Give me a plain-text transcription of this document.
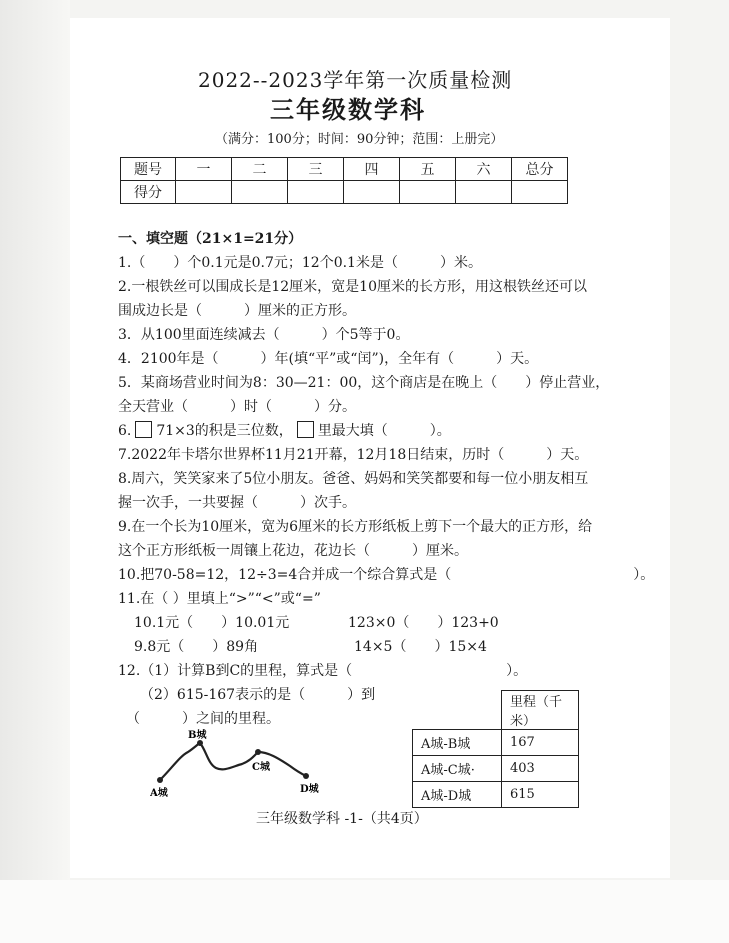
2022--2023学年第一次质量检测
三年级数学科
（满分：100分；时间：90分钟；范围：上册完）
题号	一	二	三	四	五	六	总分
得分							
一、填空题（21×1=21分）
1.（　　）个0.1元是0.7元；12个0.1米是（　　　）米。
2.一根铁丝可以围成长是12厘米，宽是10厘米的长方形，用这根铁丝还可以
围成边长是（　　　）厘米的正方形。
3．从100里面连续减去（　　　）个5等于0。
4．2100年是（　　　）年(填“平”或“闰”)，全年有（　　　）天。
5．某商场营业时间为8：30—21：00，这个商店是在晚上（　　）停止营业，
全天营业（　　　）时（　　　）分。
6. 71×3的积是三位数， 里最大填（　　　）。
7.2022年卡塔尔世界杯11月21开幕，12月18日结束，历时（　　　）天。
8.周六，笑笑家来了5位小朋友。爸爸、妈妈和笑笑都要和每一位小朋友相互
握一次手，一共要握（　　　）次手。
9.在一个长为10厘米，宽为6厘米的长方形纸板上剪下一个最大的正方形，给
这个正方形纸板一周镶上花边，花边长（　　　）厘米。
10.把70-58=12，12÷3=4合并成一个综合算式是（　　　　　　　　　　　　　）。
11.在（ ）里填上“>”“<”或“=”
10.1元（　　）10.01元	123×0（　　）123+0
9.8元（　　）89角	14×5（　　）15×4
12.（1）计算B到C的里程，算式是（　　　　　　　　　　　）。
（2）615-167表示的是（　　　）到
（　　　）之间的里程。
	里程（千米）
A城-B城	167
A城-C城·	403
A城-D城	615
A城
B城
C城
D城
三年级数学科 -1-（共4页）
